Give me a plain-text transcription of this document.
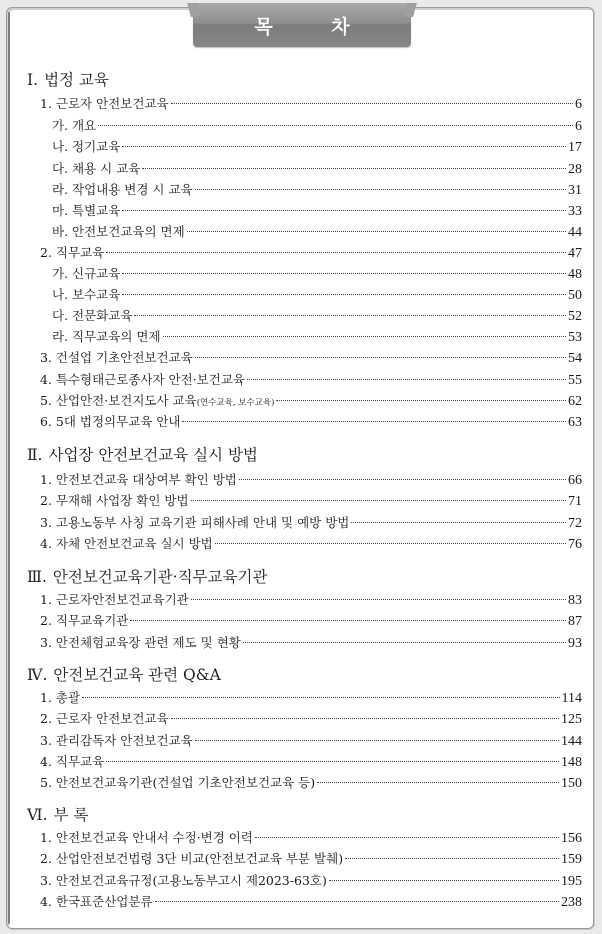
목 차
Ⅰ. 법정 교육
1. 근로자 안전보건교육	6
가. 개요	6
나. 정기교육	17
다. 채용 시 교육	28
라. 작업내용 변경 시 교육	31
마. 특별교육	33
바. 안전보건교육의 면제	44
2. 직무교육	47
가. 신규교육	48
나. 보수교육	50
다. 전문화교육	52
라. 직무교육의 면제	53
3. 건설업 기초안전보건교육	54
4. 특수형태근로종사자 안전·보건교육	55
5. 산업안전·보건지도사 교육(연수교육, 보수교육)	62
6. 5대 법정의무교육 안내	63
Ⅱ. 사업장 안전보건교육 실시 방법
1. 안전보건교육 대상여부 확인 방법	66
2. 무재해 사업장 확인 방법	71
3. 고용노동부 사칭 교육기관 피해사례 안내 및 예방 방법	72
4. 자체 안전보건교육 실시 방법	76
Ⅲ. 안전보건교육기관·직무교육기관
1. 근로자안전보건교육기관	83
2. 직무교육기관	87
3. 안전체험교육장 관련 제도 및 현황	93
Ⅳ. 안전보건교육 관련 Q&A
1. 총괄	114
2. 근로자 안전보건교육	125
3. 관리감독자 안전보건교육	144
4. 직무교육	148
5. 안전보건교육기관(건설업 기초안전보건교육 등)	150
Ⅵ. 부 록
1. 안전보건교육 안내서 수정·변경 이력	156
2. 산업안전보건법령 3단 비교(안전보건교육 부분 발췌)	159
3. 안전보건교육규정(고용노동부고시 제2023-63호)	195
4. 한국표준산업분류	238
